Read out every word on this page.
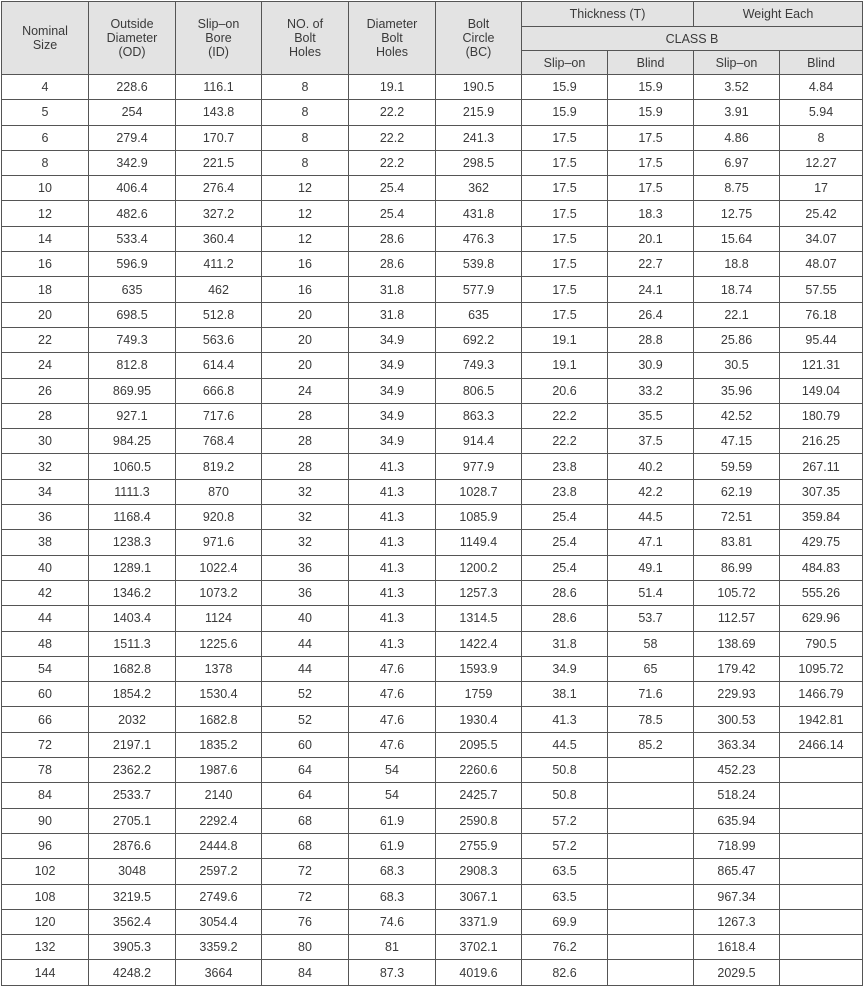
Nominal
Size	Outside
Diameter
(OD)	Slip–on
Bore
(ID)	NO. of
Bolt
Holes	Diameter
Bolt
Holes	Bolt
Circle
(BC)	Thickness (T)		Weight Each	
						CLASS B			
						Slip–on	Blind	Slip–on	Blind
4	228.6	116.1	8	19.1	190.5	15.9	15.9	3.52	4.84
5	254	143.8	8	22.2	215.9	15.9	15.9	3.91	5.94
6	279.4	170.7	8	22.2	241.3	17.5	17.5	4.86	8
8	342.9	221.5	8	22.2	298.5	17.5	17.5	6.97	12.27
10	406.4	276.4	12	25.4	362	17.5	17.5	8.75	17
12	482.6	327.2	12	25.4	431.8	17.5	18.3	12.75	25.42
14	533.4	360.4	12	28.6	476.3	17.5	20.1	15.64	34.07
16	596.9	411.2	16	28.6	539.8	17.5	22.7	18.8	48.07
18	635	462	16	31.8	577.9	17.5	24.1	18.74	57.55
20	698.5	512.8	20	31.8	635	17.5	26.4	22.1	76.18
22	749.3	563.6	20	34.9	692.2	19.1	28.8	25.86	95.44
24	812.8	614.4	20	34.9	749.3	19.1	30.9	30.5	121.31
26	869.95	666.8	24	34.9	806.5	20.6	33.2	35.96	149.04
28	927.1	717.6	28	34.9	863.3	22.2	35.5	42.52	180.79
30	984.25	768.4	28	34.9	914.4	22.2	37.5	47.15	216.25
32	1060.5	819.2	28	41.3	977.9	23.8	40.2	59.59	267.11
34	1111.3	870	32	41.3	1028.7	23.8	42.2	62.19	307.35
36	1168.4	920.8	32	41.3	1085.9	25.4	44.5	72.51	359.84
38	1238.3	971.6	32	41.3	1149.4	25.4	47.1	83.81	429.75
40	1289.1	1022.4	36	41.3	1200.2	25.4	49.1	86.99	484.83
42	1346.2	1073.2	36	41.3	1257.3	28.6	51.4	105.72	555.26
44	1403.4	1124	40	41.3	1314.5	28.6	53.7	112.57	629.96
48	1511.3	1225.6	44	41.3	1422.4	31.8	58	138.69	790.5
54	1682.8	1378	44	47.6	1593.9	34.9	65	179.42	1095.72
60	1854.2	1530.4	52	47.6	1759	38.1	71.6	229.93	1466.79
66	2032	1682.8	52	47.6	1930.4	41.3	78.5	300.53	1942.81
72	2197.1	1835.2	60	47.6	2095.5	44.5	85.2	363.34	2466.14
78	2362.2	1987.6	64	54	2260.6	50.8		452.23	
84	2533.7	2140	64	54	2425.7	50.8		518.24	
90	2705.1	2292.4	68	61.9	2590.8	57.2		635.94	
96	2876.6	2444.8	68	61.9	2755.9	57.2		718.99	
102	3048	2597.2	72	68.3	2908.3	63.5		865.47	
108	3219.5	2749.6	72	68.3	3067.1	63.5		967.34	
120	3562.4	3054.4	76	74.6	3371.9	69.9		1267.3	
132	3905.3	3359.2	80	81	3702.1	76.2		1618.4	
144	4248.2	3664	84	87.3	4019.6	82.6		2029.5	
